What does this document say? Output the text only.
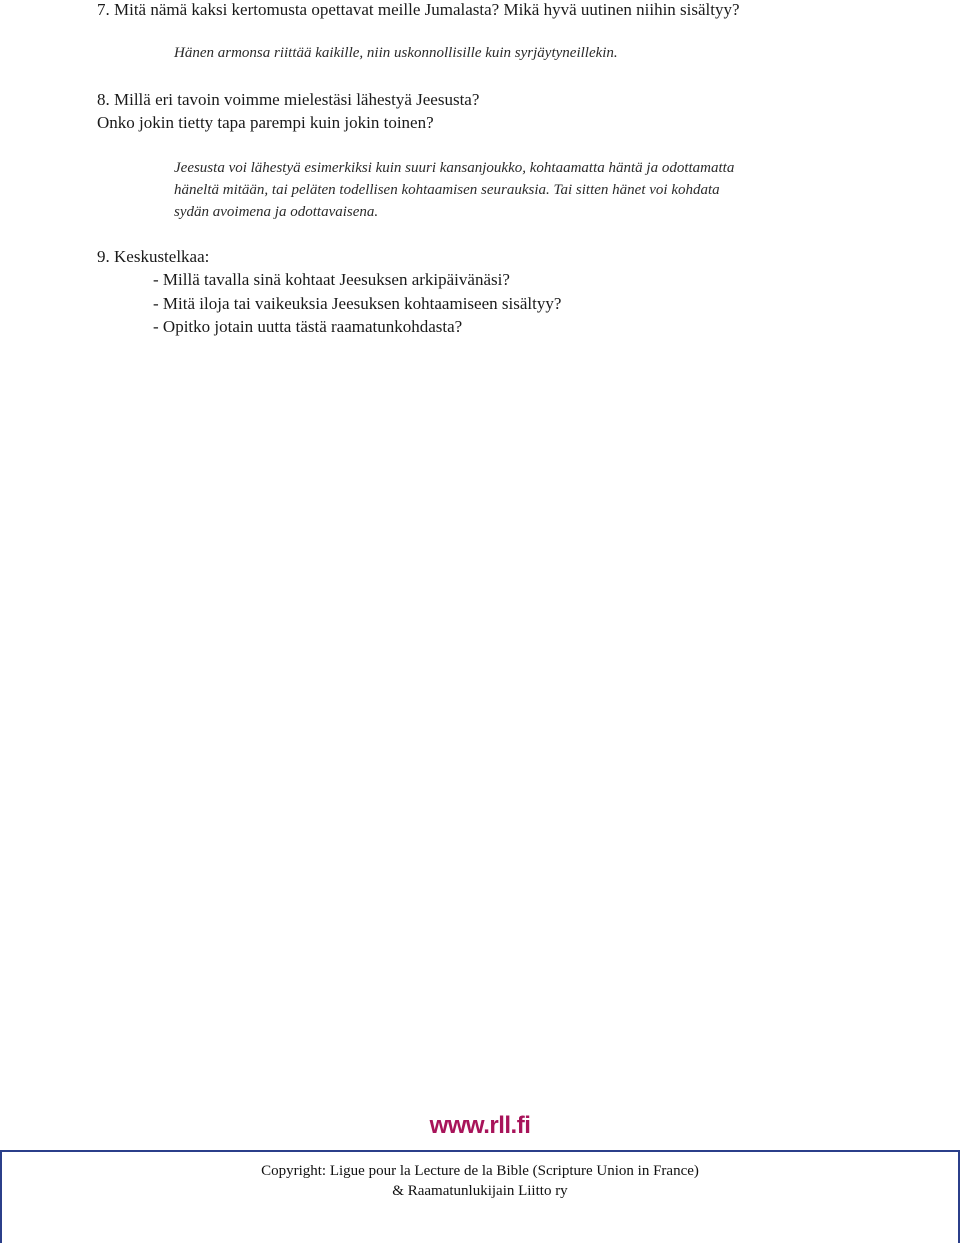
7. Mitä nämä kaksi kertomusta opettavat meille Jumalasta? Mikä hyvä uutinen niihin sisältyy?
Hänen armonsa riittää kaikille, niin uskonnollisille kuin syrjäytyneillekin.
8. Millä eri tavoin voimme mielestäsi lähestyä Jeesusta?
Onko jokin tietty tapa parempi kuin jokin toinen?
Jeesusta voi lähestyä esimerkiksi kuin suuri kansanjoukko, kohtaamatta häntä ja odottamatta
häneltä mitään, tai peläten todellisen kohtaamisen seurauksia. Tai sitten hänet voi kohdata
sydän avoimena ja odottavaisena.
9. Keskustelkaa:
- Millä tavalla sinä kohtaat Jeesuksen arkipäivänäsi?
- Mitä iloja tai vaikeuksia Jeesuksen kohtaamiseen sisältyy?
- Opitko jotain uutta tästä raamatunkohdasta?
www.rll.fi
Copyright: Ligue pour la Lecture de la Bible (Scripture Union in France)
& Raamatunlukijain Liitto ry
